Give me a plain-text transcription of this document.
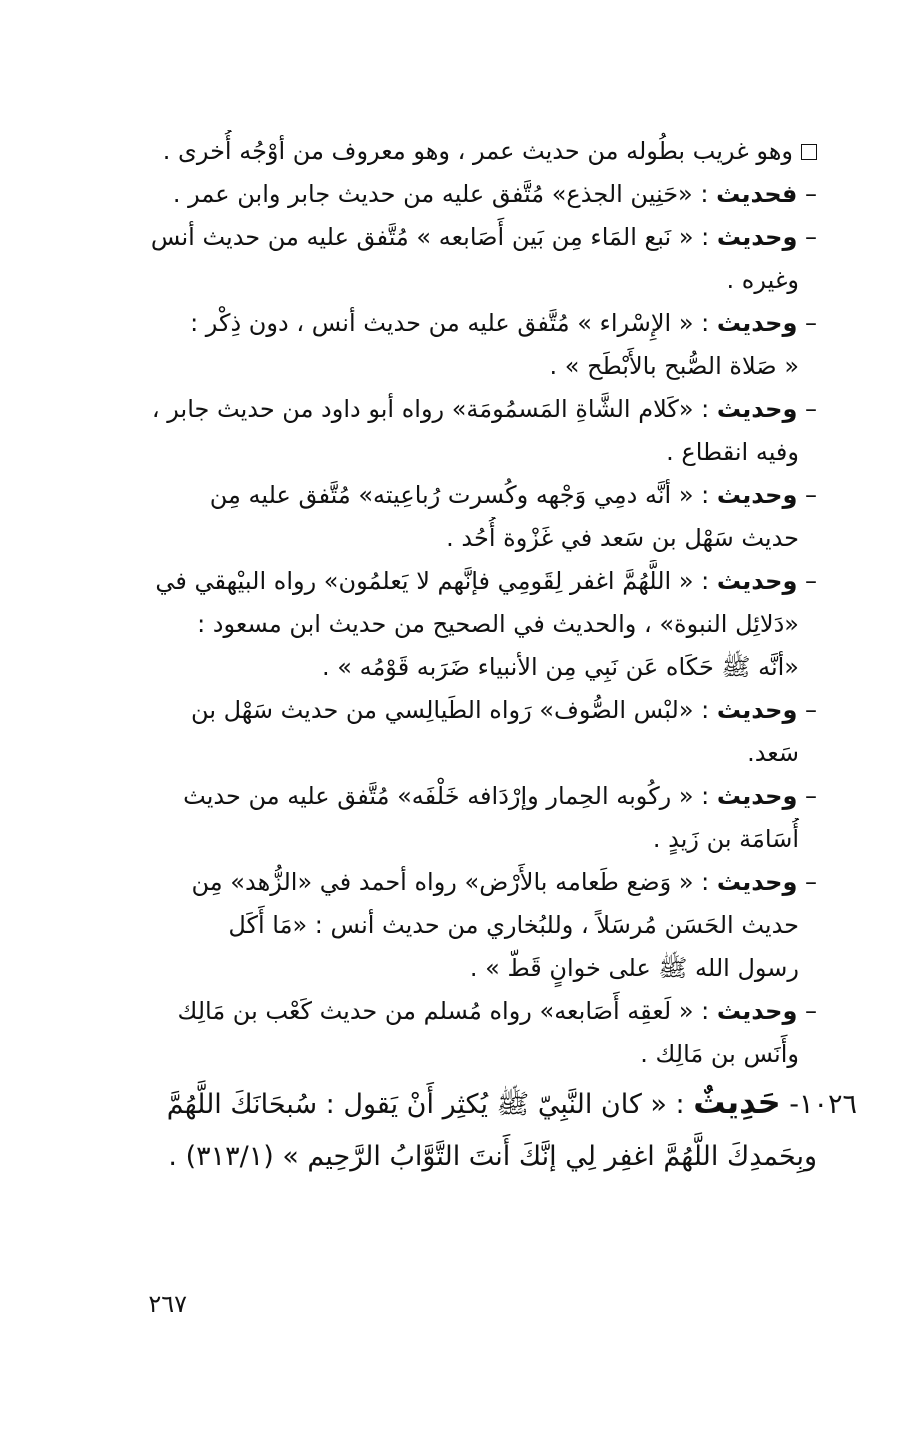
وهو غريب بطُوله من حديث عمر ، وهو معروف من أوْجُه أُخرى .
– فحديث : «حَنِين الجذع» مُتَّفق عليه من حديث جابر وابن عمر .
– وحديث : « نَبع المَاء مِن بَين أَصَابعه » مُتَّفق عليه من حديث أنس
وغيره .
– وحديث : « الإِسْراء » مُتَّفق عليه من حديث أنس ، دون ذِكْر :
« صَلاة الصُّبح بالأَبْطَح » .
– وحديث : «كَلام الشَّاةِ المَسمُومَة» رواه أبو داود من حديث جابر ،
وفيه انقطاع .
– وحديث : « أنَّه دمِي وَجْهه وكُسرت رُباعِيته» مُتَّفق عليه مِن
حديث سَهْل بن سَعد في غَزْوة أُحُد .
– وحديث : « اللَّهُمَّ اغفر لِقَومِي فإنَّهم لا يَعلمُون» رواه البيْهقي في
«دَلائِل النبوة» ، والحديث في الصحيح من حديث ابن مسعود :
«أنَّه ﷺ حَكَاه عَن نَبِي مِن الأنبياء ضَرَبه قَوْمُه » .
– وحديث : «لبْس الصُّوف» رَواه الطَيالِسي من حديث سَهْل بن
سَعد.
– وحديث : « ركُوبه الحِمار وإرْدَافه خَلْفَه» مُتَّفق عليه من حديث
أُسَامَة بن زَيدٍ .
– وحديث : « وَضع طَعامه بالأَرْض» رواه أحمد في «الزُّهد» مِن
حديث الحَسَن مُرسَلاً ، وللبُخاري من حديث أنس : «مَا أَكَل
رسول الله ﷺ على خوانٍ قَطّ » .
– وحديث : « لَعقِه أَصَابعه» رواه مُسلم من حديث كَعْب بن مَالِك
وأَنَس بن مَالِك .
١٠٢٦- حَدِيثٌ : « كان النَّبِيّ ﷺ يُكثِر أَنْ يَقول : سُبحَانَكَ اللَّهُمَّ
وبِحَمدِكَ اللَّهُمَّ اغفِر لِي إنَّكَ أَنتَ التَّوَّابُ الرَّحِيم » (٣١٣/١) .
٢٦٧
